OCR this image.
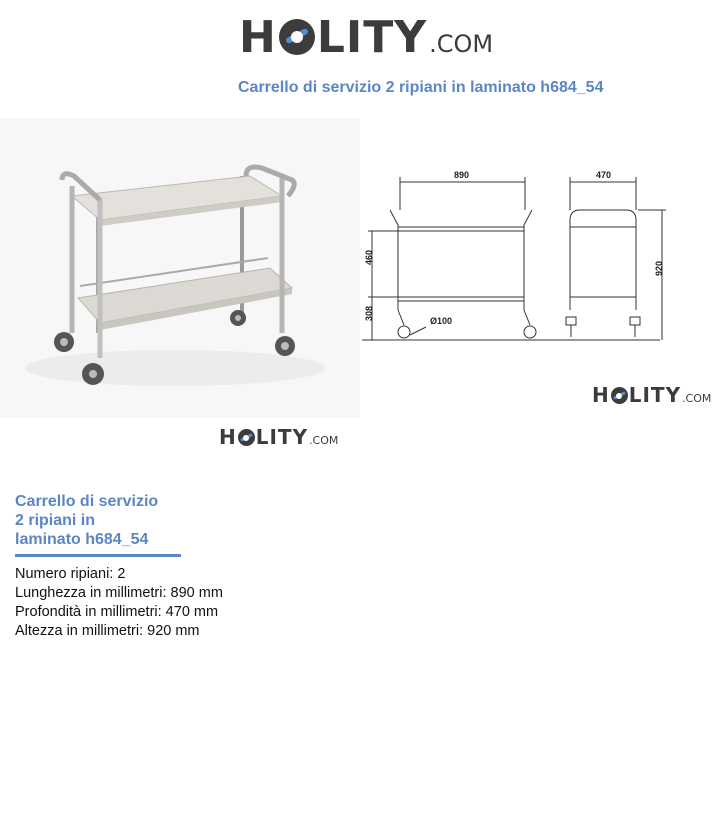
H LITY .COM
Carrello di servizio 2 ripiani in laminato h684_54
H LITY .COM
890	470
460
308
920
Ø100
H LITY .COM
Carrello di servizio
2 ripiani in
laminato h684_54
Numero ripiani: 2
Lunghezza in millimetri: 890 mm
Profondità in millimetri: 470 mm
Altezza in millimetri: 920 mm
